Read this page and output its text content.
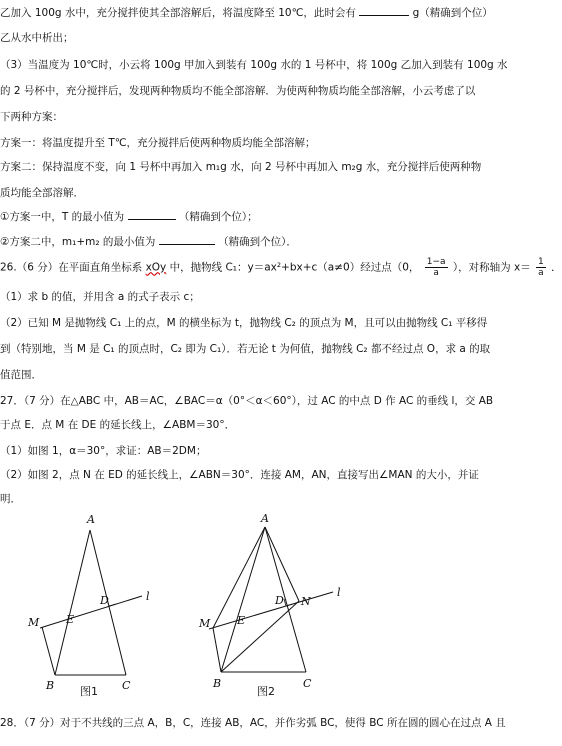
乙加入 100g 水中，充分搅拌使其全部溶解后，将温度降至 10℃，此时会有	g（精确到个位）
乙从水中析出；
（3）当温度为 10℃时，小云将 100g 甲加入到装有 100g 水的 1 号杯中，将 100g 乙加入到装有 100g 水
的 2 号杯中，充分搅拌后，发现两种物质均不能全部溶解．为使两种物质均能全部溶解，小云考虑了以
下两种方案：
方案一：将温度提升至 T℃，充分搅拌后使两种物质均能全部溶解；
方案二：保持温度不变，向 1 号杯中再加入 m₁g 水，向 2 号杯中再加入 m₂g 水，充分搅拌后使两种物
质均能全部溶解．
①方案一中，T 的最小值为	（精确到个位）；
②方案二中，m₁+m₂ 的最小值为	（精确到个位）．
26.（6 分）在平面直角坐标系 xOy 中，抛物线 C₁：y＝ax²+bx+c（a≠0）经过点（0， $\frac{1-a}{a}$ ），对称轴为 $x= \frac{1}{a}$ ．
（1）求 b 的值，并用含 a 的式子表示 c；
（2）已知 M 是抛物线 C₁ 上的点，M 的横坐标为 t，抛物线 C₂ 的顶点为 M，且可以由抛物线 C₁ 平移得
到（特别地，当 M 是 C₁ 的顶点时，C₂ 即为 C₁）．若无论 t 为何值，抛物线 C₂ 都不经过点 O，求 a 的取
值范围．
27．（7 分）在△ABC 中，AB＝AC，∠BAC＝α（0°＜α＜60°），过 AC 的中点 D 作 AC 的垂线 l，交 AB
于点 E．点 M 在 DE 的延长线上，∠ABM＝30°．
（1）如图 1，α＝30°，求证：AB＝2DM；
（2）如图 2，点 N 在 ED 的延长线上，∠ABN＝30°．连接 AM，AN，直接写出∠MAN 的大小，并证
明．
A
M E
D	l
B	C
图1
A
M E
D N
l
B	C
图2
28．（7 分）对于不共线的三点 A，B，C，连接 AB，AC，并作劣弧 BC，使得 BC 所在圆的圆心在过点 A 且
